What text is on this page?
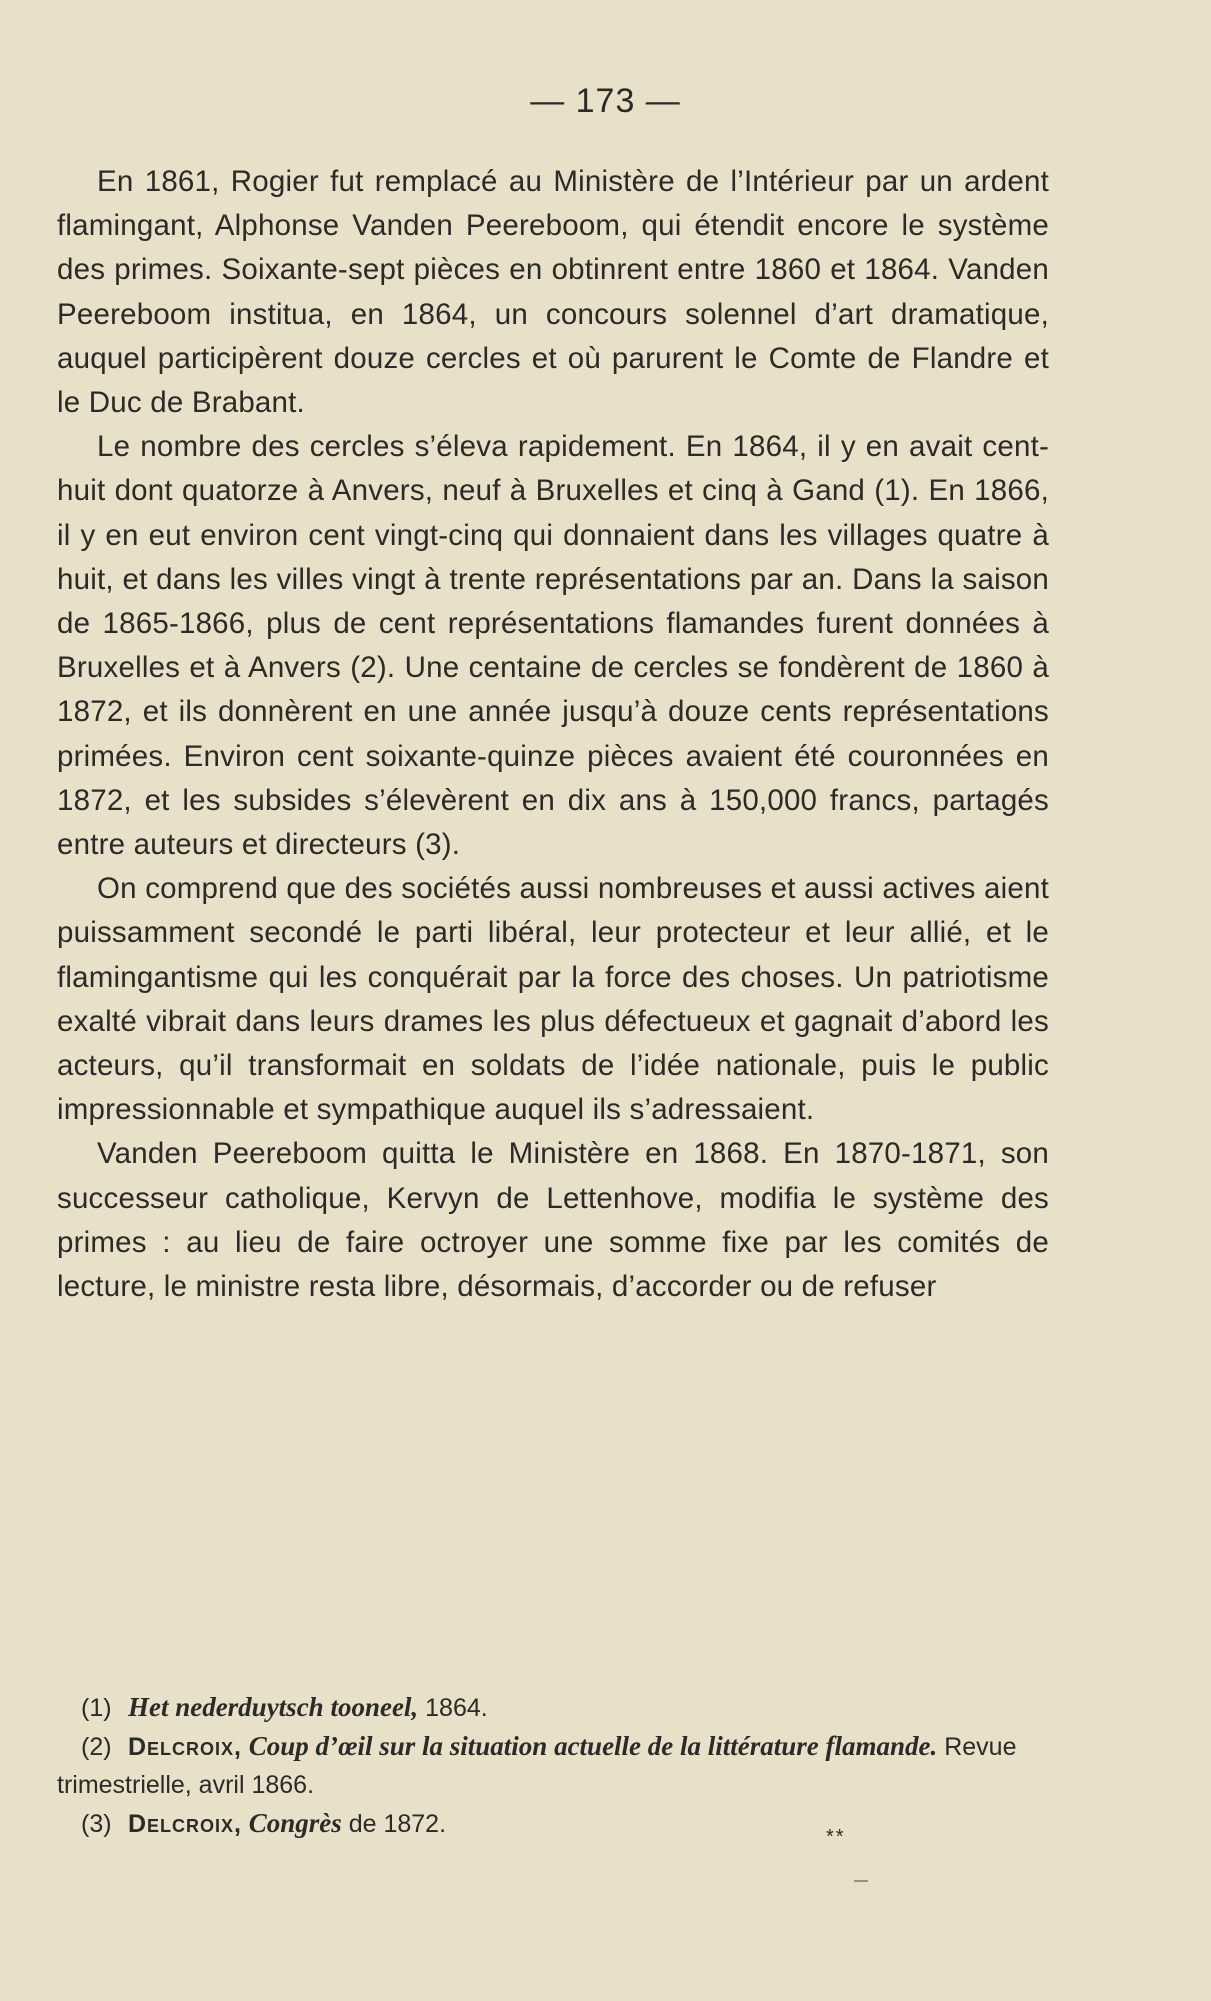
— 173 —

En 1861, Rogier fut remplacé au Ministère de l’Intérieur par un ardent flamingant, Alphonse Vanden Peereboom, qui étendit encore le système des primes. Soixante-sept pièces en obtinrent entre 1860 et 1864. Vanden Peereboom institua, en 1864, un concours solennel d’art dramatique, auquel participèrent douze cercles et où parurent le Comte de Flandre et le Duc de Brabant.

Le nombre des cercles s’éleva rapidement. En 1864, il y en avait cent-huit dont quatorze à Anvers, neuf à Bruxelles et cinq à Gand (1). En 1866, il y en eut environ cent vingt-cinq qui donnaient dans les villages quatre à huit, et dans les villes vingt à trente représentations par an. Dans la saison de 1865-1866, plus de cent représentations flamandes furent données à Bruxelles et à Anvers (2). Une centaine de cercles se fondèrent de 1860 à 1872, et ils donnèrent en une année jusqu’à douze cents représentations primées. Environ cent soixante-quinze pièces avaient été couronnées en 1872, et les subsides s’élevèrent en dix ans à 150,000 francs, partagés entre auteurs et directeurs (3).

On comprend que des sociétés aussi nombreuses et aussi actives aient puissamment secondé le parti libéral, leur protecteur et leur allié, et le flamingantisme qui les conquérait par la force des choses. Un patriotisme exalté vibrait dans leurs drames les plus défectueux et gagnait d’abord les acteurs, qu’il transformait en soldats de l’idée nationale, puis le public impressionnable et sympathique auquel ils s’adressaient.

Vanden Peereboom quitta le Ministère en 1868. En 1870-1871, son successeur catholique, Kervyn de Lettenhove, modifia le système des primes : au lieu de faire octroyer une somme fixe par les comités de lecture, le ministre resta libre, désormais, d’accorder ou de refuser

(1) Het nederduytsch tooneel, 1864.

(2) Delcroix, Coup d’œil sur la situation actuelle de la littérature flamande. Revue trimestrielle, avril 1866.

(3) Delcroix, Congrès de 1872.	**
